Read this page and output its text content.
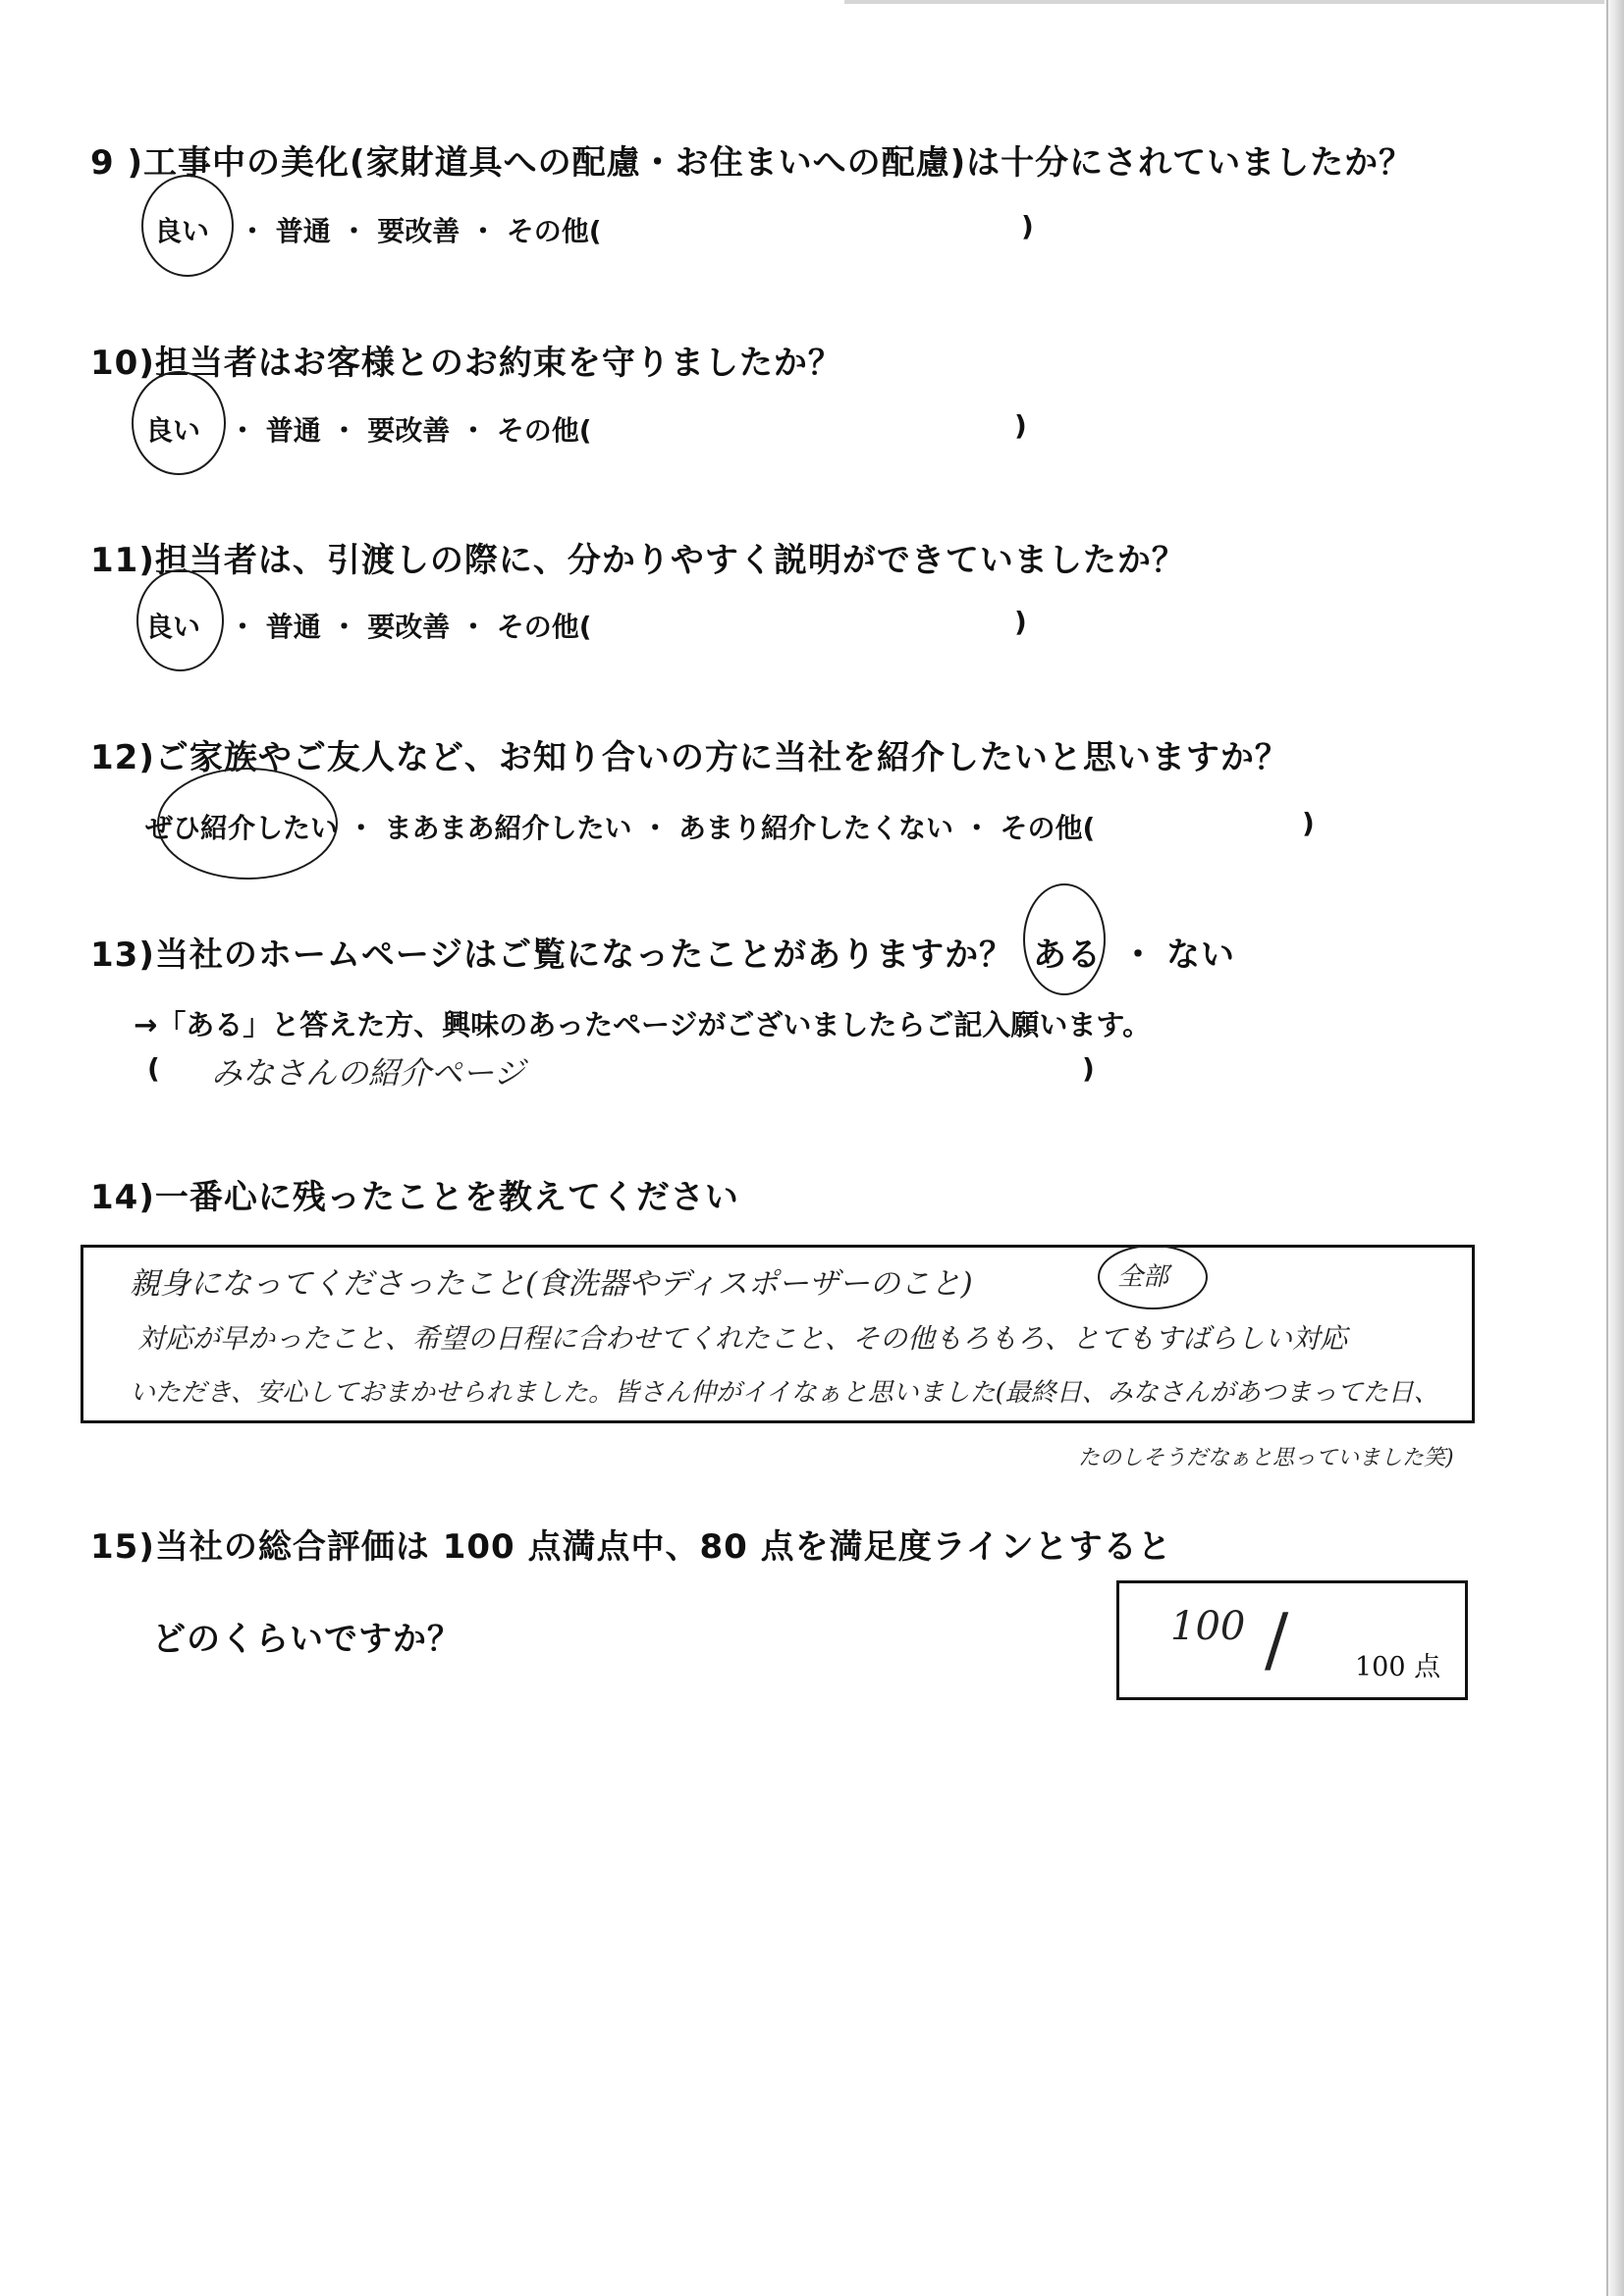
9 )工事中の美化(家財道具への配慮・お住まいへの配慮)は十分にされていましたか？
良い ・ 普通 ・ 要改善 ・ その他(	)
10)担当者はお客様とのお約束を守りましたか？
良い ・ 普通 ・ 要改善 ・ その他(	)
11)担当者は、引渡しの際に、分かりやすく説明ができていましたか？
良い ・ 普通 ・ 要改善 ・ その他(	)
12)ご家族やご友人など、お知り合いの方に当社を紹介したいと思いますか？
ぜひ紹介したい ・ まあまあ紹介したい ・ あまり紹介したくない ・ その他(	)
13)当社のホームページはご覧になったことがありますか？ ある ・ ない
→「ある」と答えた方、興味のあったページがございましたらご記入願います。
( みなさんの紹介ページ	)
14)一番心に残ったことを教えてください
全部
親身になってくださったこと(食洗器やディスポーザーのこと)
対応が早かったこと、希望の日程に合わせてくれたこと、その他もろもろ、とてもすばらしい対応
いただき、安心しておまかせられました。皆さん仲がイイなぁと思いました(最終日、みなさんがあつまってた日、
たのしそうだなぁと思っていました笑)
15)当社の総合評価は 100 点満点中、80 点を満足度ラインとすると
どのくらいですか？	100 /	100 点
